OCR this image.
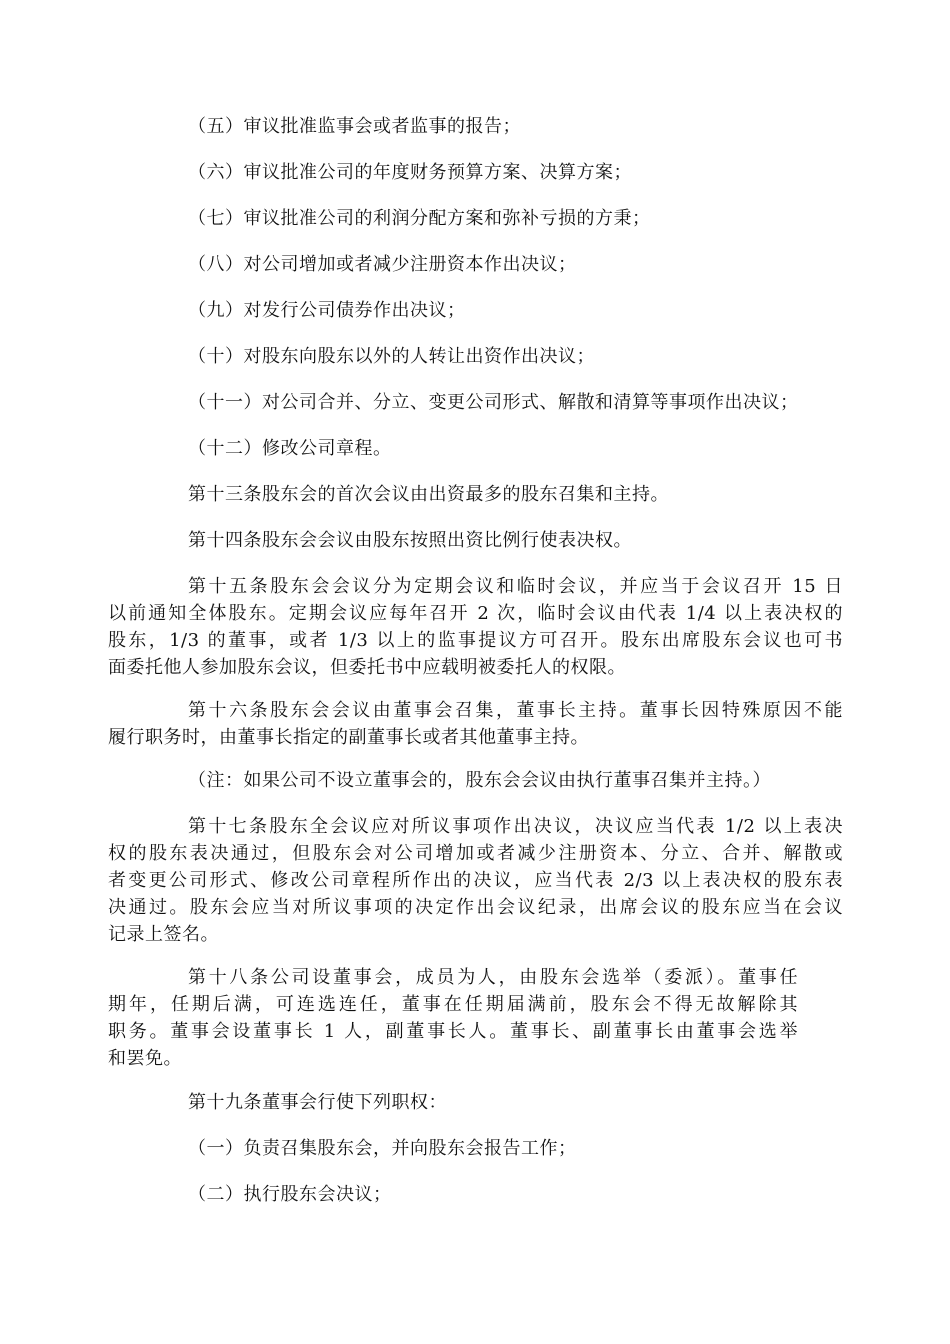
（五）审议批准监事会或者监事的报告；
（六）审议批准公司的年度财务预算方案、决算方案；
（七）审议批准公司的利润分配方案和弥补亏损的方秉；
（八）对公司增加或者减少注册资本作出决议；
（九）对发行公司债券作出决议；
（十）对股东向股东以外的人转让出资作出决议；
（十一）对公司合并、分立、变更公司形式、解散和清算等事项作出决议；
（十二）修改公司章程。
第十三条股东会的首次会议由出资最多的股东召集和主持。
第十四条股东会会议由股东按照出资比例行使表决权。
第十五条股东会会议分为定期会议和临时会议，并应当于会议召开 15 日
以前通知全体股东。定期会议应每年召开 2 次，临时会议由代表 1/4 以上表决权的
股东，1/3 的董事，或者 1/3 以上的监事提议方可召开。股东出席股东会议也可书
面委托他人参加股东会议，但委托书中应载明被委托人的权限。
第十六条股东会会议由董事会召集，董事长主持。董事长因特殊原因不能
履行职务时，由董事长指定的副董事长或者其他董事主持。
（注：如果公司不设立董事会的，股东会会议由执行董事召集并主持。）
第十七条股东全会议应对所议事项作出决议，决议应当代表 1/2 以上表决
权的股东表决通过，但股东会对公司增加或者减少注册资本、分立、合并、解散或
者变更公司形式、修改公司章程所作出的决议，应当代表 2/3 以上表决权的股东表
决通过。股东会应当对所议事项的决定作出会议纪录，出席会议的股东应当在会议
记录上签名。
第十八条公司设董事会，成员为人，由股东会选举（委派）。董事任
期年，任期后满，可连选连任，董事在任期届满前，股东会不得无故解除其
职务。董事会设董事长 1 人，副董事长人。董事长、副董事长由董事会选举
和罢免。
第十九条董事会行使下列职权：
（一）负责召集股东会，并向股东会报告工作；
（二）执行股东会决议；
